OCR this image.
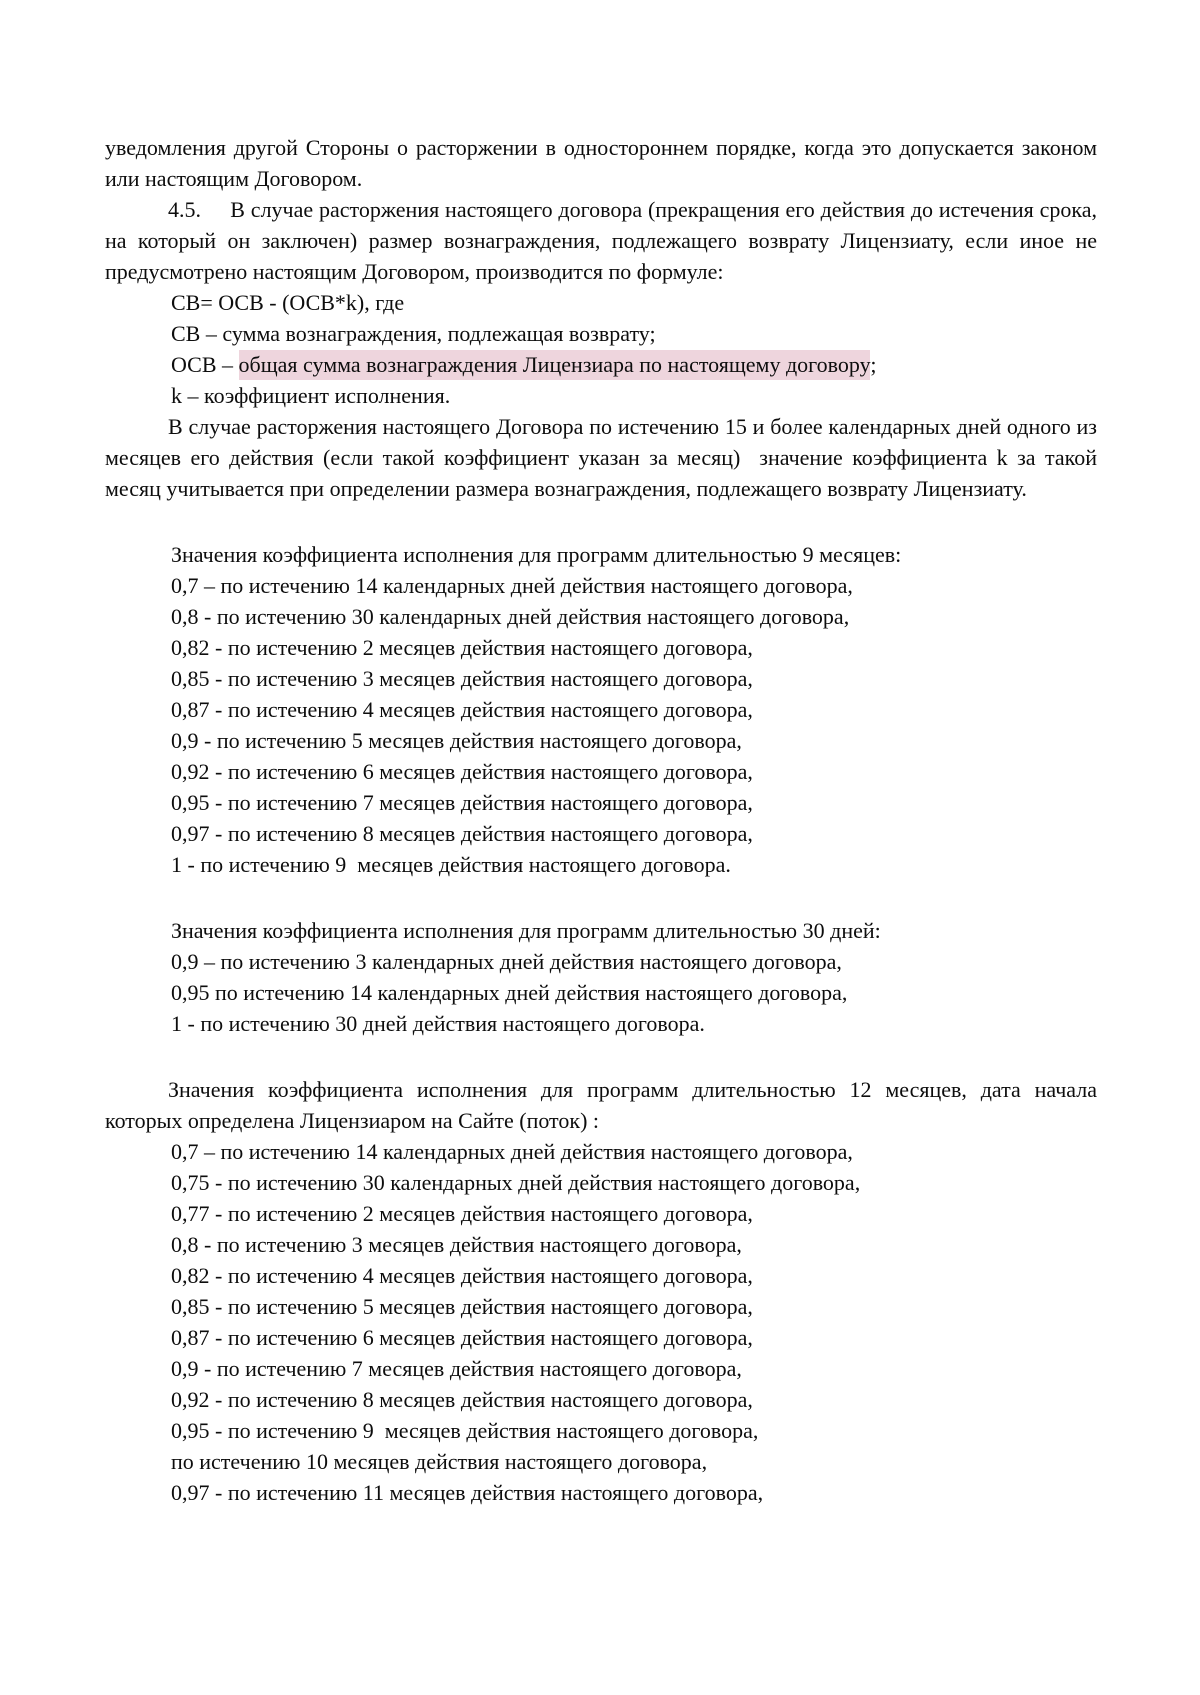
уведомления другой Стороны о расторжении в одностороннем порядке, когда это допускается законом или настоящим Договором.

4.5.     В случае расторжения настоящего договора (прекращения его действия до истечения срока, на который он заключен) размер вознаграждения, подлежащего возврату Лицензиату, если иное не предусмотрено настоящим Договором, производится по формуле:

СВ= ОСВ - (ОСВ*k), где

СВ – сумма вознаграждения, подлежащая возврату;

ОСВ – общая сумма вознаграждения Лицензиара по настоящему договору;

k – коэффициент исполнения.

В случае расторжения настоящего Договора по истечению 15 и более календарных дней одного из месяцев его действия (если такой коэффициент указан за месяц)  значение коэффициента k за такой месяц учитывается при определении размера вознаграждения, подлежащего возврату Лицензиату.

Значения коэффициента исполнения для программ длительностью 9 месяцев:

0,7 – по истечению 14 календарных дней действия настоящего договора,

0,8 - по истечению 30 календарных дней действия настоящего договора,

0,82 - по истечению 2 месяцев действия настоящего договора,

0,85 - по истечению 3 месяцев действия настоящего договора,

0,87 - по истечению 4 месяцев действия настоящего договора,

0,9 - по истечению 5 месяцев действия настоящего договора,

0,92 - по истечению 6 месяцев действия настоящего договора,

0,95 - по истечению 7 месяцев действия настоящего договора,

0,97 - по истечению 8 месяцев действия настоящего договора,

1 - по истечению 9  месяцев действия настоящего договора.

Значения коэффициента исполнения для программ длительностью 30 дней:

0,9 – по истечению 3 календарных дней действия настоящего договора,

0,95 по истечению 14 календарных дней действия настоящего договора,

1 - по истечению 30 дней действия настоящего договора.

Значения коэффициента исполнения для программ длительностью 12 месяцев, дата начала которых определена Лицензиаром на Сайте (поток) :

0,7 – по истечению 14 календарных дней действия настоящего договора,

0,75 - по истечению 30 календарных дней действия настоящего договора,

0,77 - по истечению 2 месяцев действия настоящего договора,

0,8 - по истечению 3 месяцев действия настоящего договора,

0,82 - по истечению 4 месяцев действия настоящего договора,

0,85 - по истечению 5 месяцев действия настоящего договора,

0,87 - по истечению 6 месяцев действия настоящего договора,

0,9 - по истечению 7 месяцев действия настоящего договора,

0,92 - по истечению 8 месяцев действия настоящего договора,

0,95 - по истечению 9  месяцев действия настоящего договора,

по истечению 10 месяцев действия настоящего договора,

0,97 - по истечению 11 месяцев действия настоящего договора,
